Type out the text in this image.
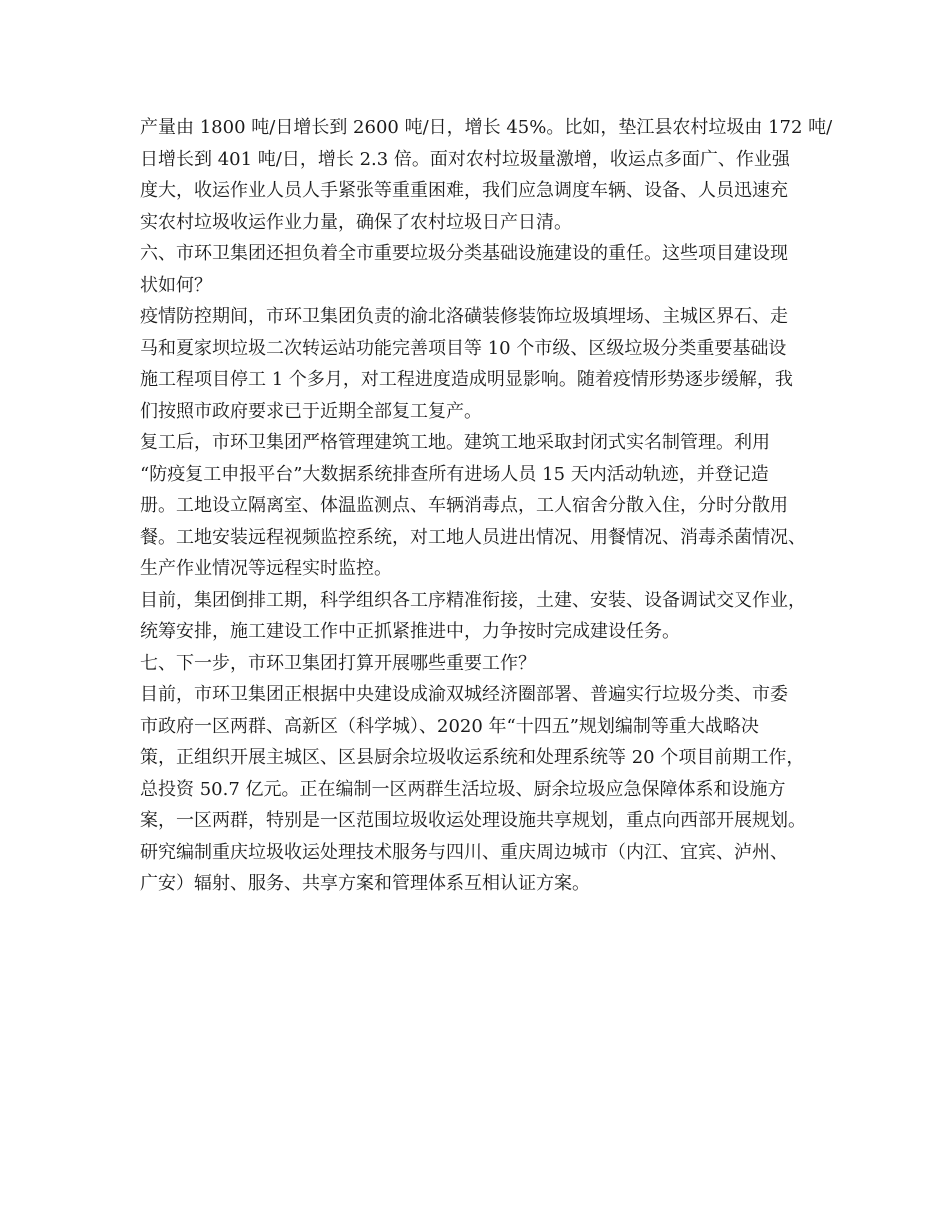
产量由 1800 吨/日增长到 2600 吨/日，增长 45%。比如，垫江县农村垃圾由 172 吨/
日增长到 401 吨/日，增长 2.3 倍。面对农村垃圾量激增，收运点多面广、作业强
度大，收运作业人员人手紧张等重重困难，我们应急调度车辆、设备、人员迅速充
实农村垃圾收运作业力量，确保了农村垃圾日产日清。

六、市环卫集团还担负着全市重要垃圾分类基础设施建设的重任。这些项目建设现
状如何？

疫情防控期间，市环卫集团负责的渝北洛磺装修装饰垃圾填埋场、主城区界石、走
马和夏家坝垃圾二次转运站功能完善项目等 10 个市级、区级垃圾分类重要基础设
施工程项目停工 1 个多月，对工程进度造成明显影响。随着疫情形势逐步缓解，我
们按照市政府要求已于近期全部复工复产。

复工后，市环卫集团严格管理建筑工地。建筑工地采取封闭式实名制管理。利用
“防疫复工申报平台”大数据系统排查所有进场人员 15 天内活动轨迹，并登记造
册。工地设立隔离室、体温监测点、车辆消毒点，工人宿舍分散入住，分时分散用
餐。工地安装远程视频监控系统，对工地人员进出情况、用餐情况、消毒杀菌情况、
生产作业情况等远程实时监控。

目前，集团倒排工期，科学组织各工序精准衔接，土建、安装、设备调试交叉作业，
统筹安排，施工建设工作中正抓紧推进中，力争按时完成建设任务。

七、下一步，市环卫集团打算开展哪些重要工作？

目前，市环卫集团正根据中央建设成渝双城经济圈部署、普遍实行垃圾分类、市委
市政府一区两群、高新区（科学城）、2020 年“十四五”规划编制等重大战略决
策，正组织开展主城区、区县厨余垃圾收运系统和处理系统等 20 个项目前期工作，
总投资 50.7 亿元。正在编制一区两群生活垃圾、厨余垃圾应急保障体系和设施方
案，一区两群，特别是一区范围垃圾收运处理设施共享规划，重点向西部开展规划。
研究编制重庆垃圾收运处理技术服务与四川、重庆周边城市（内江、宜宾、泸州、
广安）辐射、服务、共享方案和管理体系互相认证方案。
